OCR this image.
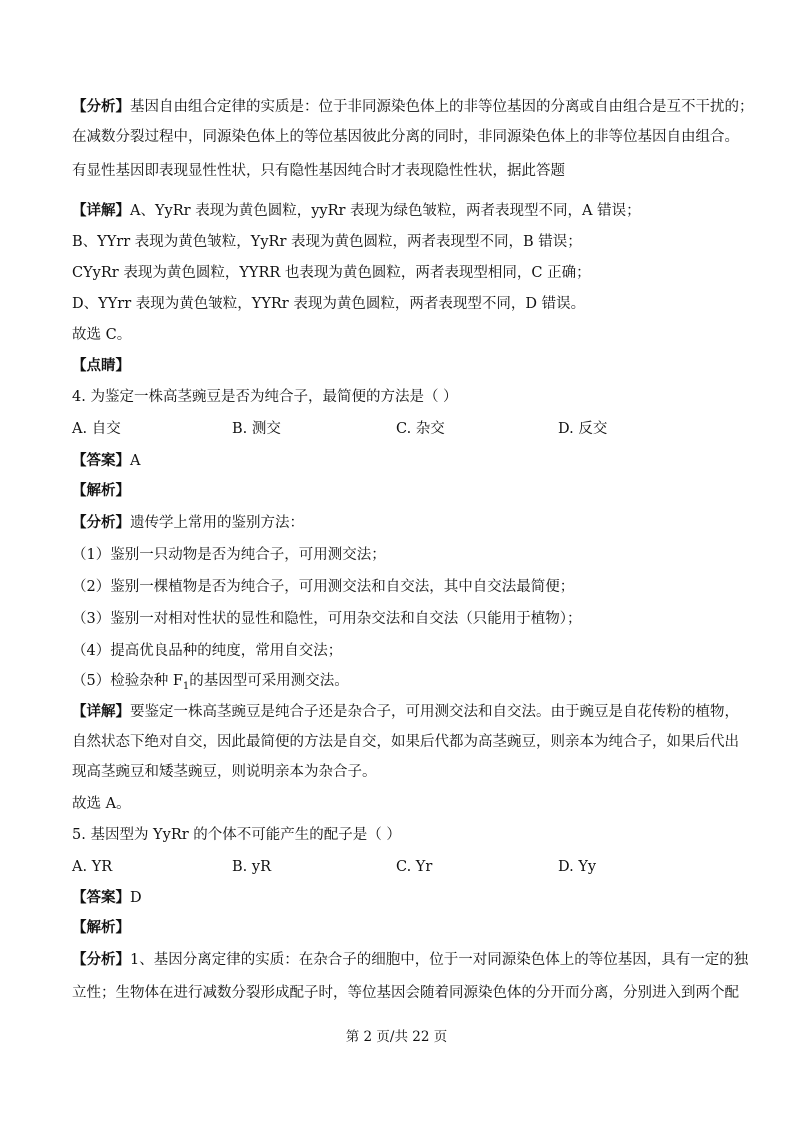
【分析】基因自由组合定律的实质是：位于非同源染色体上的非等位基因的分离或自由组合是互不干扰的；
在减数分裂过程中，同源染色体上的等位基因彼此分离的同时，非同源染色体上的非等位基因自由组合。
有显性基因即表现显性性状，只有隐性基因纯合时才表现隐性性状，据此答题
【详解】A、YyRr 表现为黄色圆粒，yyRr 表现为绿色皱粒，两者表现型不同，A 错误；
B、YYrr 表现为黄色皱粒，YyRr 表现为黄色圆粒，两者表现型不同，B 错误；
CYyRr 表现为黄色圆粒，YYRR 也表现为黄色圆粒，两者表现型相同，C 正确；
D、YYrr 表现为黄色皱粒，YYRr 表现为黄色圆粒，两者表现型不同，D 错误。
故选 C。
【点睛】
4. 为鉴定一株高茎豌豆是否为纯合子，最简便的方法是（ ）
A. 自交	B. 测交	C. 杂交	D. 反交
【答案】A
【解析】
【分析】遗传学上常用的鉴别方法：
（1）鉴别一只动物是否为纯合子，可用测交法；
（2）鉴别一棵植物是否为纯合子，可用测交法和自交法，其中自交法最简便；
（3）鉴别一对相对性状的显性和隐性，可用杂交法和自交法（只能用于植物）；
（4）提高优良品种的纯度，常用自交法；
（5）检验杂种 $F_1$的基因型可采用测交法。
【详解】要鉴定一株高茎豌豆是纯合子还是杂合子，可用测交法和自交法。由于豌豆是自花传粉的植物，
自然状态下绝对自交，因此最简便的方法是自交，如果后代都为高茎豌豆，则亲本为纯合子，如果后代出
现高茎豌豆和矮茎豌豆，则说明亲本为杂合子。
故选 A。
5. 基因型为 YyRr 的个体不可能产生的配子是（ ）
A. YR	B. yR	C. Yr	D. Yy
【答案】D
【解析】
【分析】1、基因分离定律的实质：在杂合子的细胞中，位于一对同源染色体上的等位基因，具有一定的独
立性；生物体在进行减数分裂形成配子时，等位基因会随着同源染色体的分开而分离，分别进入到两个配
第 2 页/共 22 页
